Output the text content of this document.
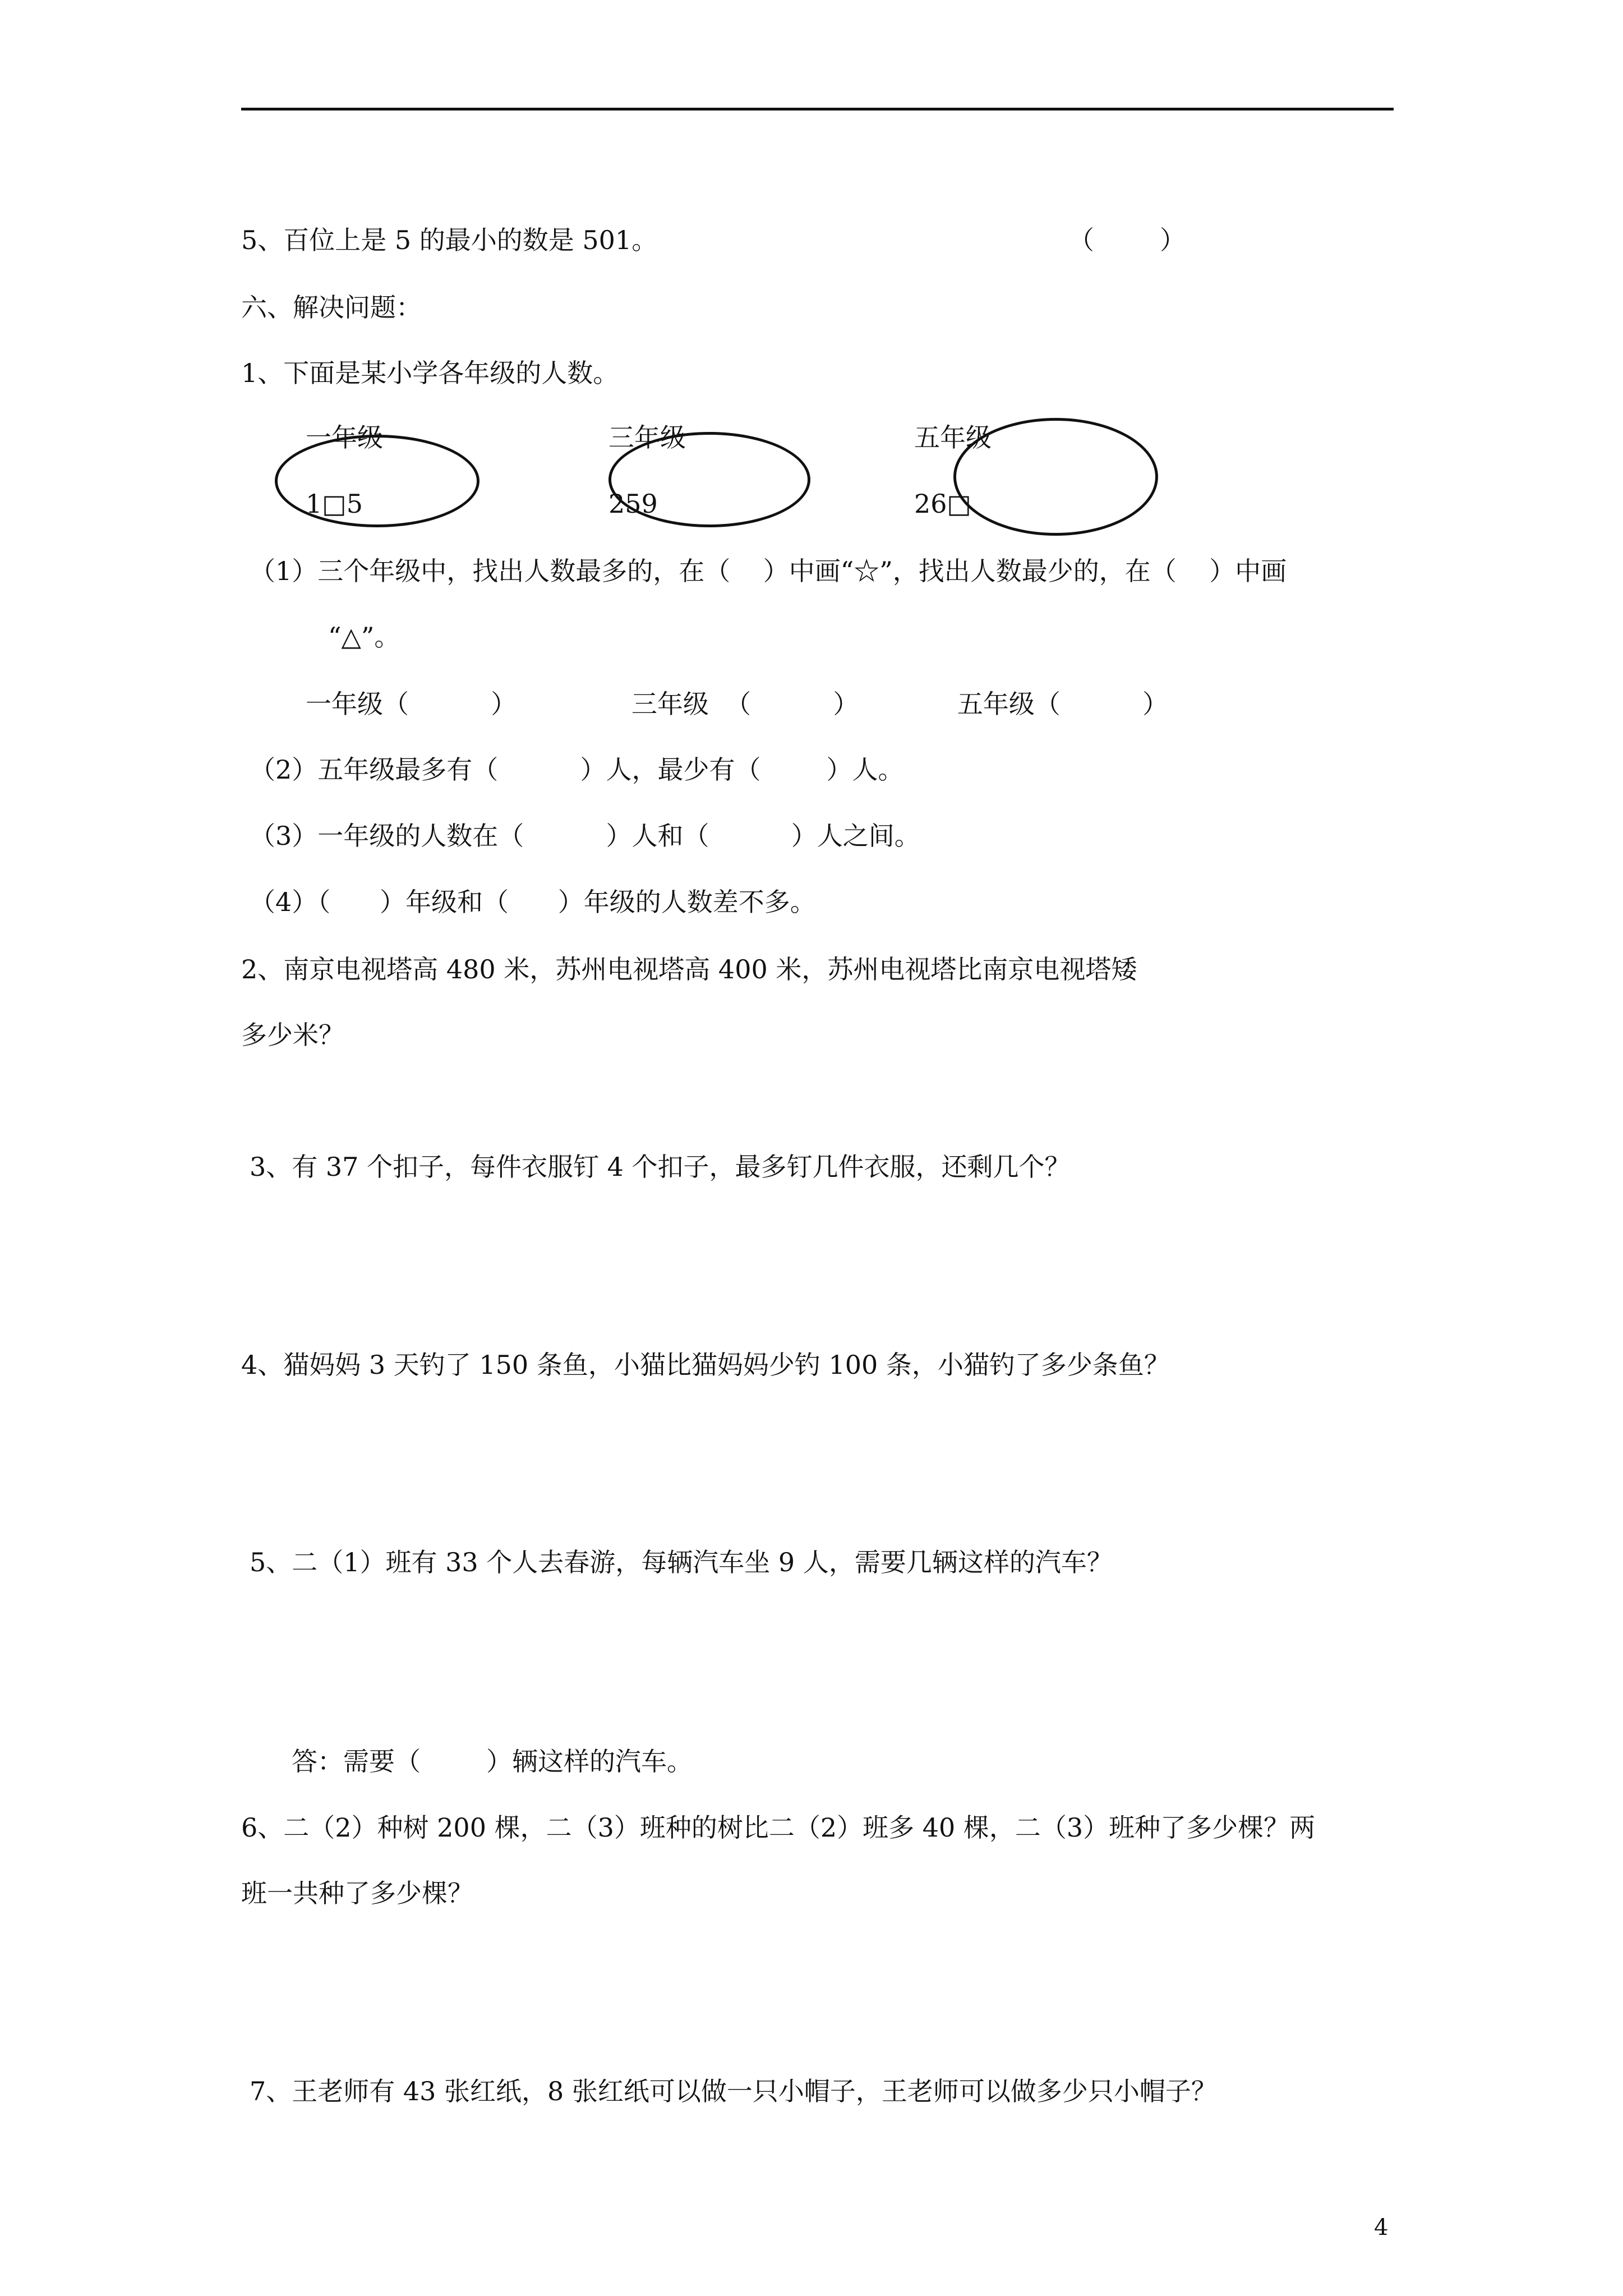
5、百位上是 5 的最小的数是 501。	（        ）
六、解决问题：
1、下面是某小学各年级的人数。
一年级
1□5
三年级
259
五年级
26□
（1）三个年级中，找出人数最多的，在（    ）中画“☆”，找出人数最少的，在（    ）中画
“△”。
一年级（          ）              三年级  （          ）            五年级（          ）
（2）五年级最多有（          ）人，最少有（        ）人。
（3）一年级的人数在（          ）人和（          ）人之间。
（4）（      ）年级和（      ）年级的人数差不多。
2、南京电视塔高 480 米，苏州电视塔高 400 米，苏州电视塔比南京电视塔矮
多少米？
3、有 37 个扣子，每件衣服钉 4 个扣子，最多钉几件衣服，还剩几个？
4、猫妈妈 3 天钓了 150 条鱼，小猫比猫妈妈少钓 100 条，小猫钓了多少条鱼？
5、二（1）班有 33 个人去春游，每辆汽车坐 9 人，需要几辆这样的汽车？
答：需要（        ）辆这样的汽车。
6、二（2）种树 200 棵，二（3）班种的树比二（2）班多 40 棵，二（3）班种了多少棵？两
班一共种了多少棵？
7、王老师有 43 张红纸，8 张红纸可以做一只小帽子，王老师可以做多少只小帽子？
4
